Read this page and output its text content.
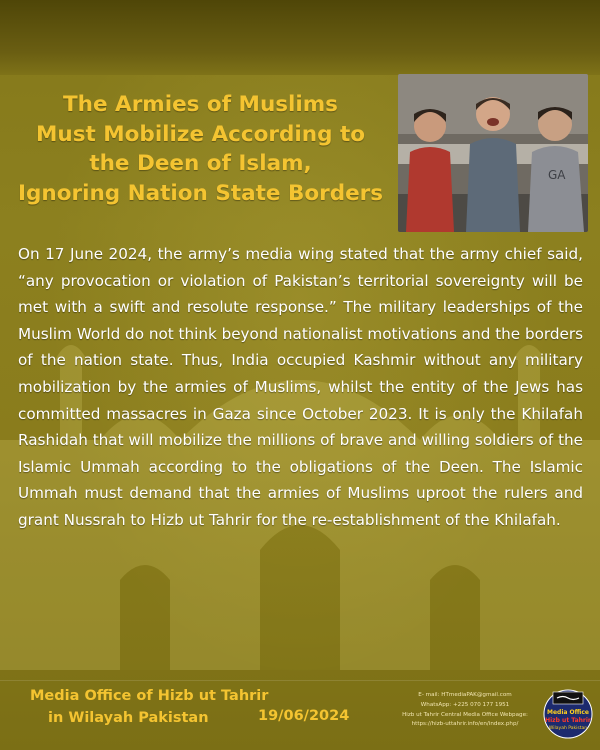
The Armies of Muslims
Must Mobilize According to
the Deen of Islam,
Ignoring Nation State Borders
GA
On 17 June 2024, the army’s media wing stated that the army chief said, “any provocation or violation of Pakistan’s territorial sovereignty will be met with a swift and resolute response.” The military leaderships of the Muslim World do not think beyond nationalist motivations and the borders of the nation state. Thus, India occupied Kashmir without any military mobilization by the armies of Muslims, whilst the entity of the Jews has committed massacres in Gaza since October 2023. It is only the Khilafah Rashidah that will mobilize the millions of brave and willing soldiers of the Islamic Ummah according to the obligations of the Deen. The Islamic Ummah must demand that the armies of Muslims uproot the rulers and grant Nussrah to Hizb ut Tahrir for the re-establishment of the Khilafah.
Media Office of Hizb ut Tahrir
in Wilayah Pakistan	19/06/2024
E- mail: HTmediaPAK@gmail.com
WhatsApp: +225 070 177 1951
Hizb ut Tahrir Central Media Office Webpage:
https://hizb-uttahrir.info/en/index.php/
Media Office
Hizb ut Tahrir
Wilayah Pakistan
